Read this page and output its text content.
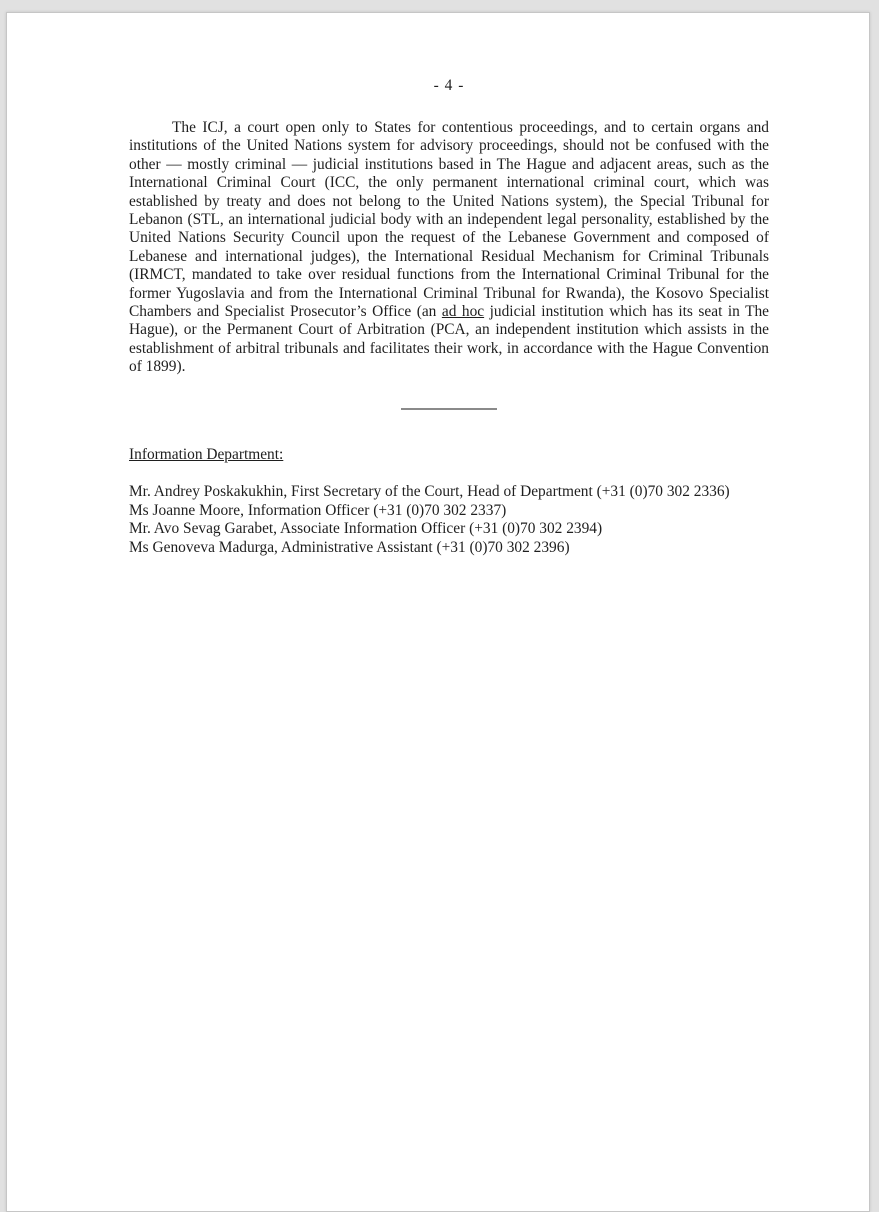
- 4 -

The ICJ, a court open only to States for contentious proceedings, and to certain organs and institutions of the United Nations system for advisory proceedings, should not be confused with the other — mostly criminal — judicial institutions based in The Hague and adjacent areas, such as the International Criminal Court (ICC, the only permanent international criminal court, which was established by treaty and does not belong to the United Nations system), the Special Tribunal for Lebanon (STL, an international judicial body with an independent legal personality, established by the United Nations Security Council upon the request of the Lebanese Government and composed of Lebanese and international judges), the International Residual Mechanism for Criminal Tribunals (IRMCT, mandated to take over residual functions from the International Criminal Tribunal for the former Yugoslavia and from the International Criminal Tribunal for Rwanda), the Kosovo Specialist Chambers and Specialist Prosecutor’s Office (an ad hoc judicial institution which has its seat in The Hague), or the Permanent Court of Arbitration (PCA, an independent institution which assists in the establishment of arbitral tribunals and facilitates their work, in accordance with the Hague Convention of 1899).

Information Department:
Mr. Andrey Poskakukhin, First Secretary of the Court, Head of Department (+31 (0)70 302 2336)
Ms Joanne Moore, Information Officer (+31 (0)70 302 2337)
Mr. Avo Sevag Garabet, Associate Information Officer (+31 (0)70 302 2394)
Ms Genoveva Madurga, Administrative Assistant (+31 (0)70 302 2396)
